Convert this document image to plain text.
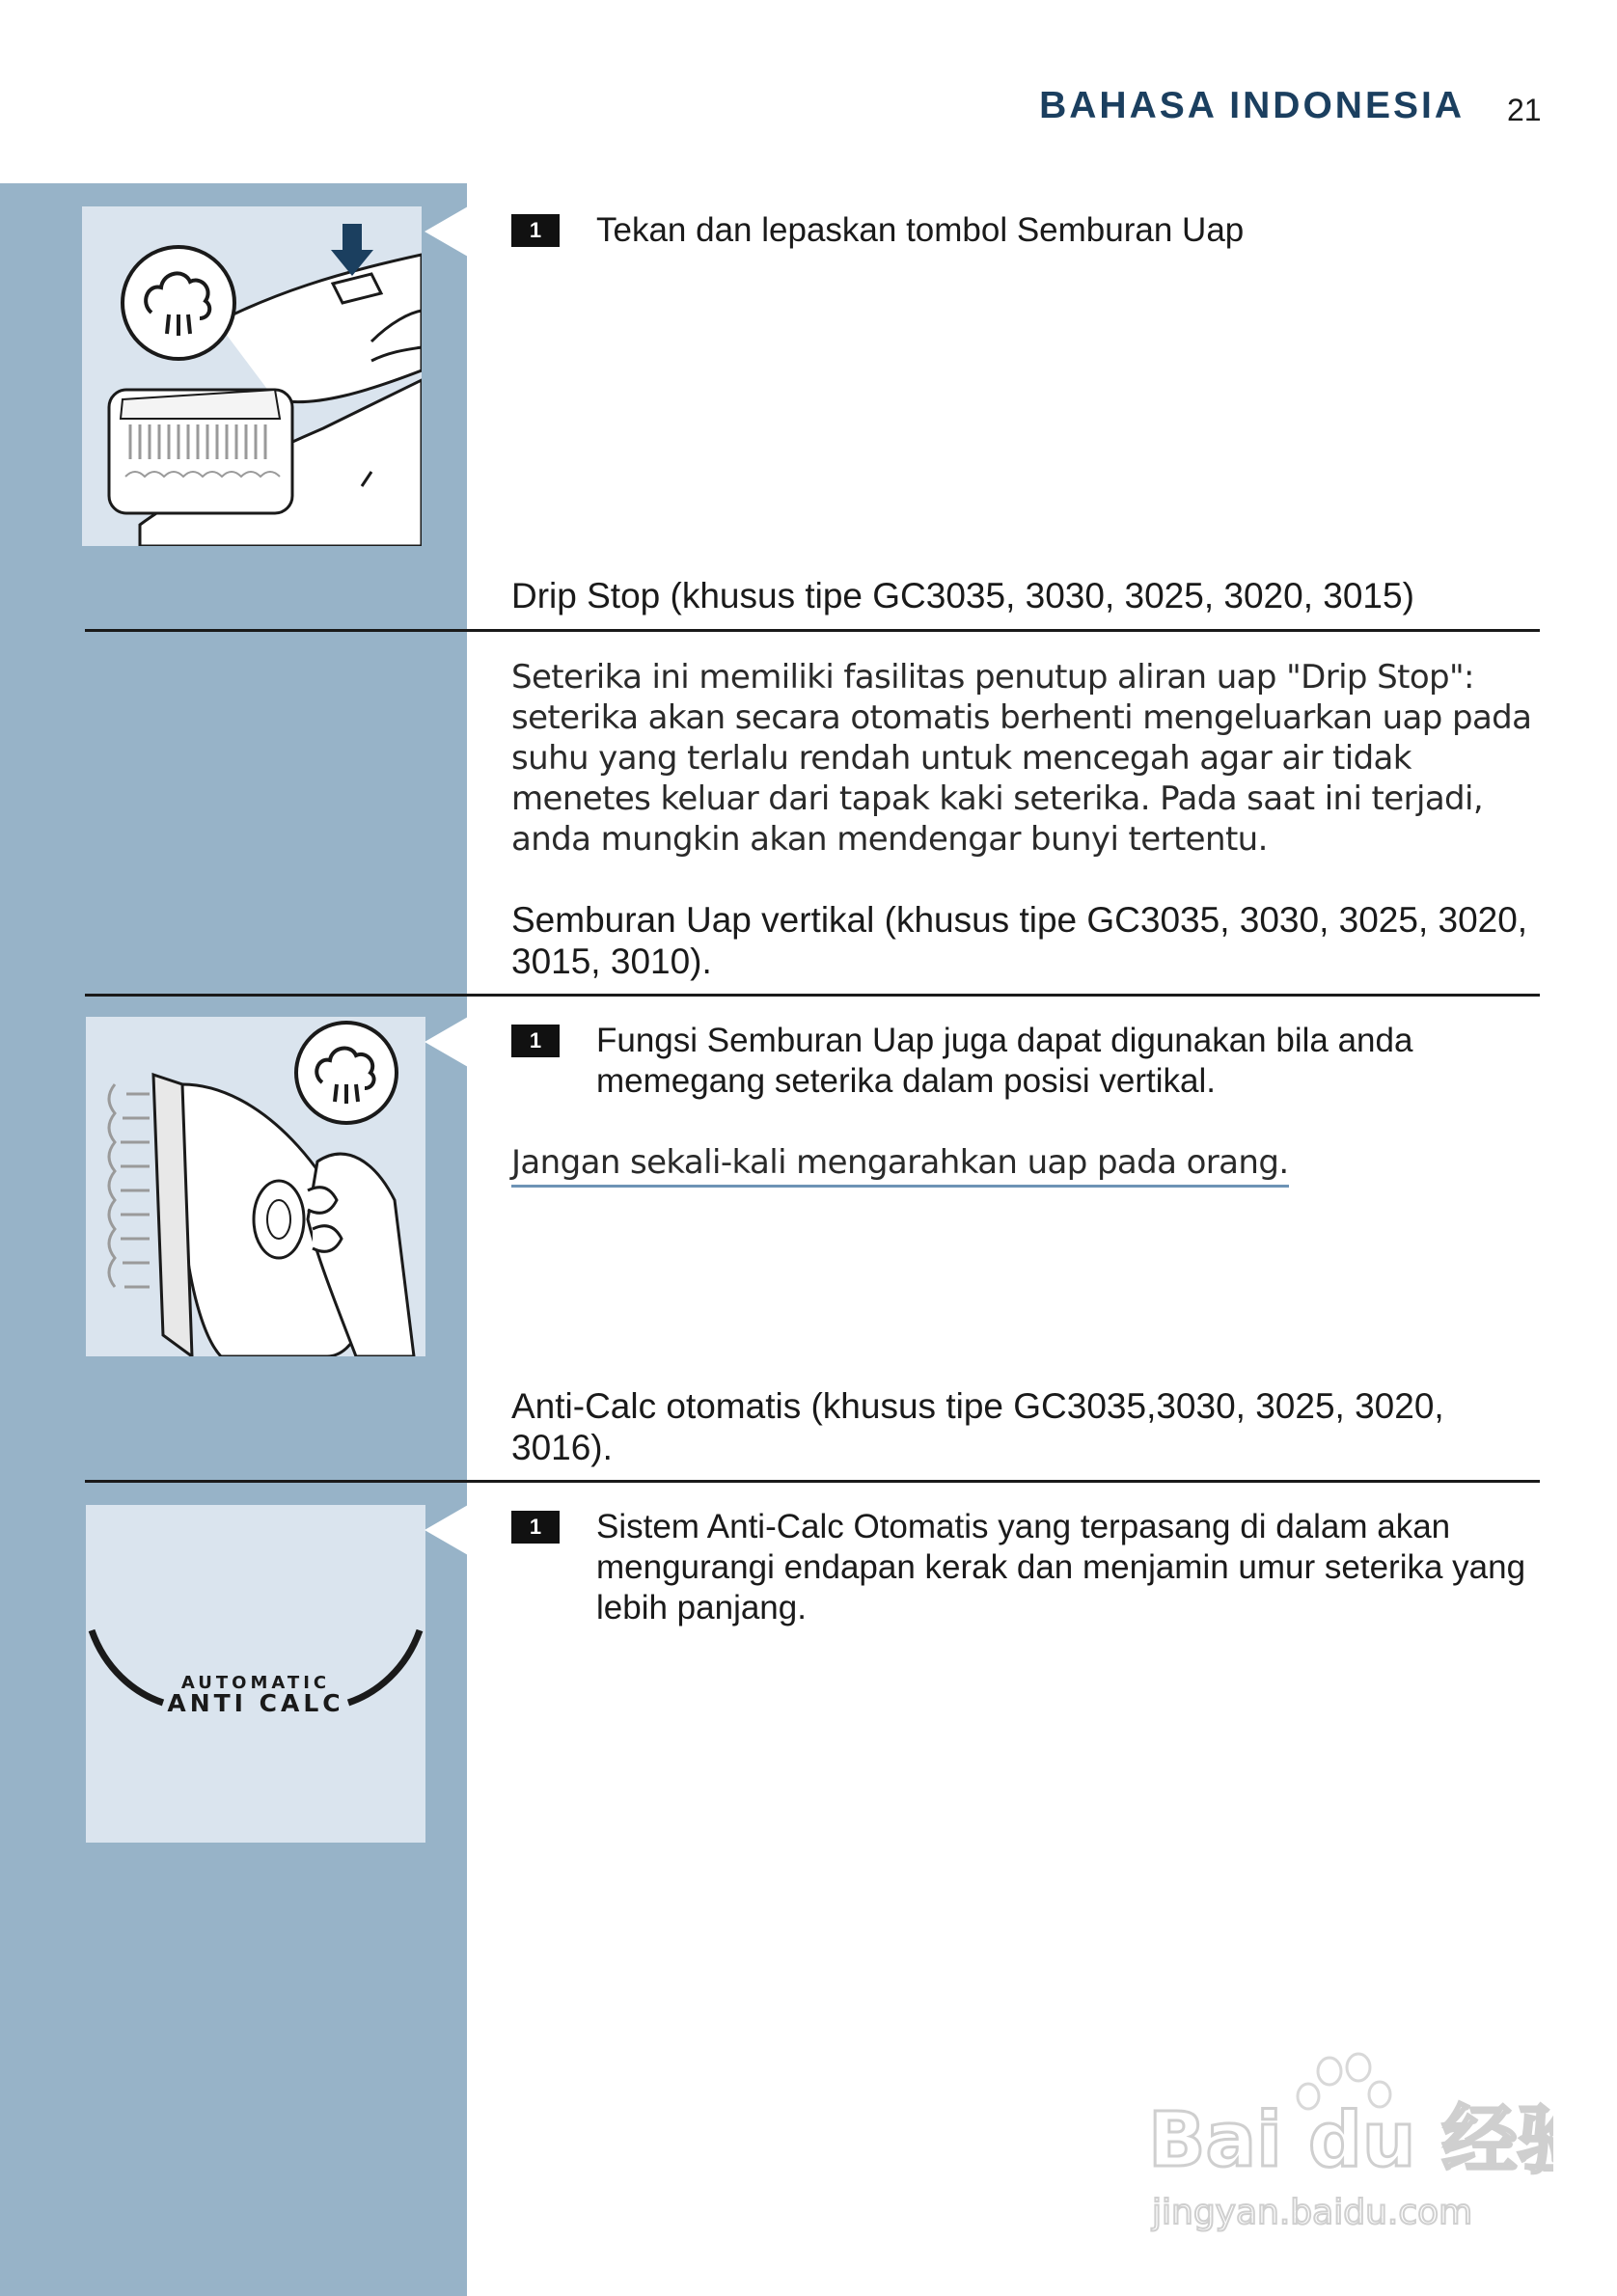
BAHASA INDONESIA 21
AUTOMATIC
ANTI CALC
1	Tekan dan lepaskan tombol Semburan Uap
Drip Stop (khusus tipe GC3035, 3030, 3025, 3020, 3015)
Seterika ini memiliki fasilitas penutup aliran uap "Drip Stop": seterika akan secara otomatis berhenti mengeluarkan uap pada suhu yang terlalu rendah untuk mencegah agar air tidak menetes keluar dari tapak kaki seterika. Pada saat ini terjadi, anda mungkin akan mendengar bunyi tertentu.
Semburan Uap vertikal (khusus tipe GC3035, 3030, 3025, 3020, 3015, 3010).
1	Fungsi Semburan Uap juga dapat digunakan bila anda memegang seterika dalam posisi vertikal.
Jangan sekali-kali mengarahkan uap pada orang.
Anti-Calc otomatis (khusus tipe GC3035,3030, 3025, 3020, 3016).
1	Sistem Anti-Calc Otomatis yang terpasang di dalam akan mengurangi endapan kerak dan menjamin umur seterika yang lebih panjang.
Bai du 经验
jingyan.baidu.com
